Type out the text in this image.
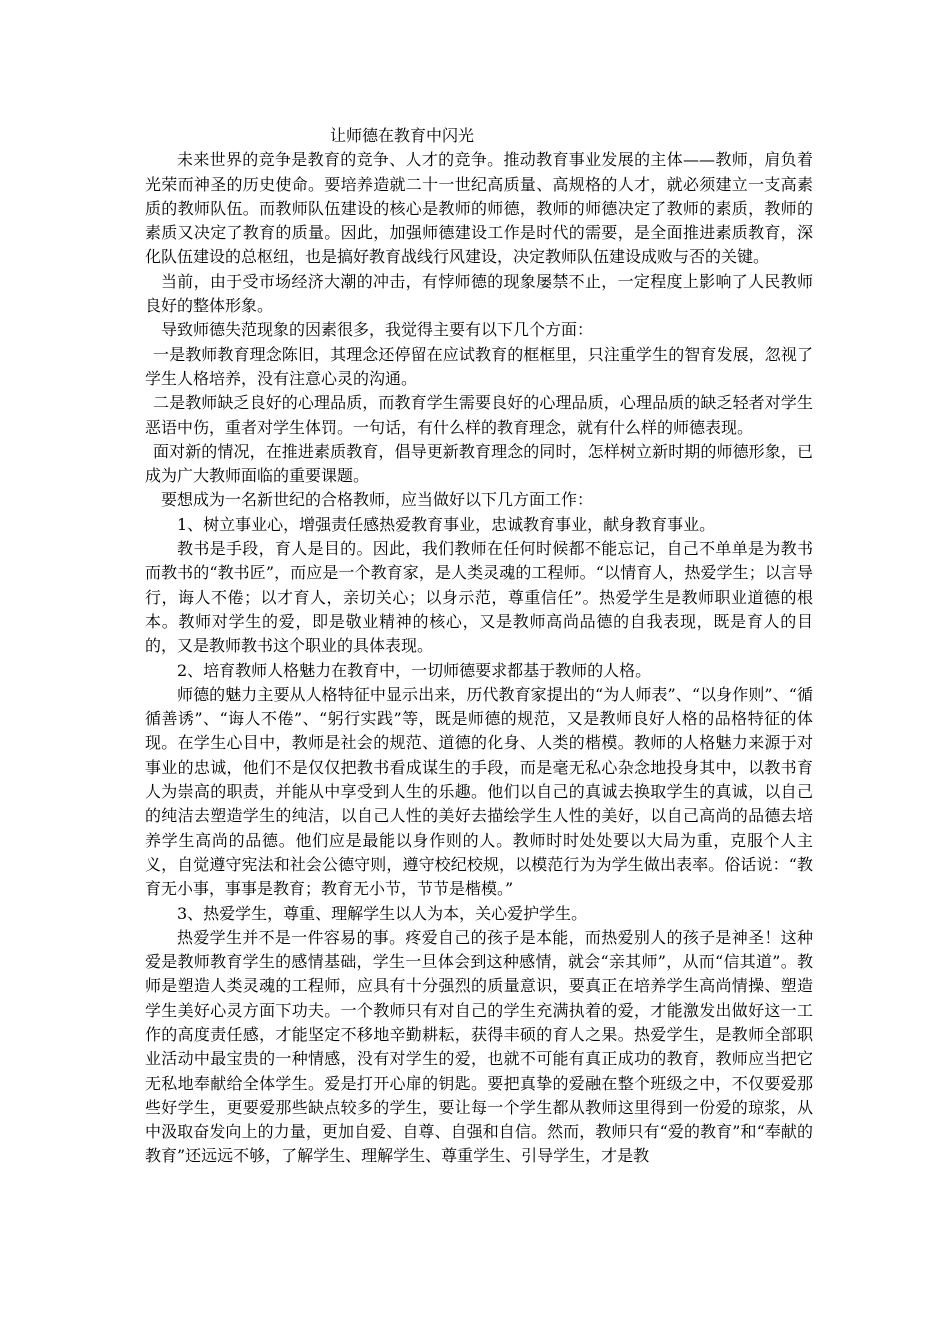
让师德在教育中闪光

未来世界的竞争是教育的竞争、人才的竞争。推动教育事业发展的主体——教师，肩负着光荣而神圣的历史使命。要培养造就二十一世纪高质量、高规格的人才，就必须建立一支高素质的教师队伍。而教师队伍建设的核心是教师的师德，教师的师德决定了教师的素质，教师的素质又决定了教育的质量。因此，加强师德建设工作是时代的需要，是全面推进素质教育，深化队伍建设的总枢纽，也是搞好教育战线行风建设，决定教师队伍建设成败与否的关键。

当前，由于受市场经济大潮的冲击，有悖师德的现象屡禁不止，一定程度上影响了人民教师良好的整体形象。

导致师德失范现象的因素很多，我觉得主要有以下几个方面：

一是教师教育理念陈旧，其理念还停留在应试教育的框框里，只注重学生的智育发展，忽视了学生人格培养，没有注意心灵的沟通。

二是教师缺乏良好的心理品质，而教育学生需要良好的心理品质，心理品质的缺乏轻者对学生恶语中伤，重者对学生体罚。一句话，有什么样的教育理念，就有什么样的师德表现。

面对新的情况，在推进素质教育，倡导更新教育理念的同时，怎样树立新时期的师德形象，已成为广大教师面临的重要课题。

要想成为一名新世纪的合格教师，应当做好以下几方面工作：

1、树立事业心，增强责任感热爱教育事业，忠诚教育事业，献身教育事业。

教书是手段，育人是目的。因此，我们教师在任何时候都不能忘记，自己不单单是为教书而教书的“教书匠”，而应是一个教育家，是人类灵魂的工程师。“以情育人，热爱学生；以言导行，诲人不倦；以才育人，亲切关心；以身示范，尊重信任”。热爱学生是教师职业道德的根本。教师对学生的爱，即是敬业精神的核心，又是教师高尚品德的自我表现，既是育人的目的，又是教师教书这个职业的具体表现。

2、培育教师人格魅力在教育中，一切师德要求都基于教师的人格。

师德的魅力主要从人格特征中显示出来，历代教育家提出的“为人师表”、“以身作则”、“循循善诱”、“诲人不倦”、“躬行实践”等，既是师德的规范，又是教师良好人格的品格特征的体现。在学生心目中，教师是社会的规范、道德的化身、人类的楷模。教师的人格魅力来源于对事业的忠诚，他们不是仅仅把教书看成谋生的手段，而是毫无私心杂念地投身其中，以教书育人为崇高的职责，并能从中享受到人生的乐趣。他们以自己的真诚去换取学生的真诚，以自己的纯洁去塑造学生的纯洁，以自己人性的美好去描绘学生人性的美好，以自己高尚的品德去培养学生高尚的品德。他们应是最能以身作则的人。教师时时处处要以大局为重，克服个人主义，自觉遵守宪法和社会公德守则，遵守校纪校规，以模范行为为学生做出表率。俗话说：“教育无小事，事事是教育；教育无小节，节节是楷模。”

3、热爱学生，尊重、理解学生以人为本，关心爱护学生。

热爱学生并不是一件容易的事。疼爱自己的孩子是本能，而热爱别人的孩子是神圣！这种爱是教师教育学生的感情基础，学生一旦体会到这种感情，就会“亲其师”，从而“信其道”。教师是塑造人类灵魂的工程师，应具有十分强烈的质量意识，要真正在培养学生高尚情操、塑造学生美好心灵方面下功夫。一个教师只有对自己的学生充满执着的爱，才能激发出做好这一工作的高度责任感，才能坚定不移地辛勤耕耘，获得丰硕的育人之果。热爱学生，是教师全部职业活动中最宝贵的一种情感，没有对学生的爱，也就不可能有真正成功的教育，教师应当把它无私地奉献给全体学生。爱是打开心扉的钥匙。要把真挚的爱融在整个班级之中，不仅要爱那些好学生，更要爱那些缺点较多的学生，要让每一个学生都从教师这里得到一份爱的琼浆，从中汲取奋发向上的力量，更加自爱、自尊、自强和自信。然而，教师只有“爱的教育”和“奉献的教育”还远远不够，了解学生、理解学生、尊重学生、引导学生，才是教
